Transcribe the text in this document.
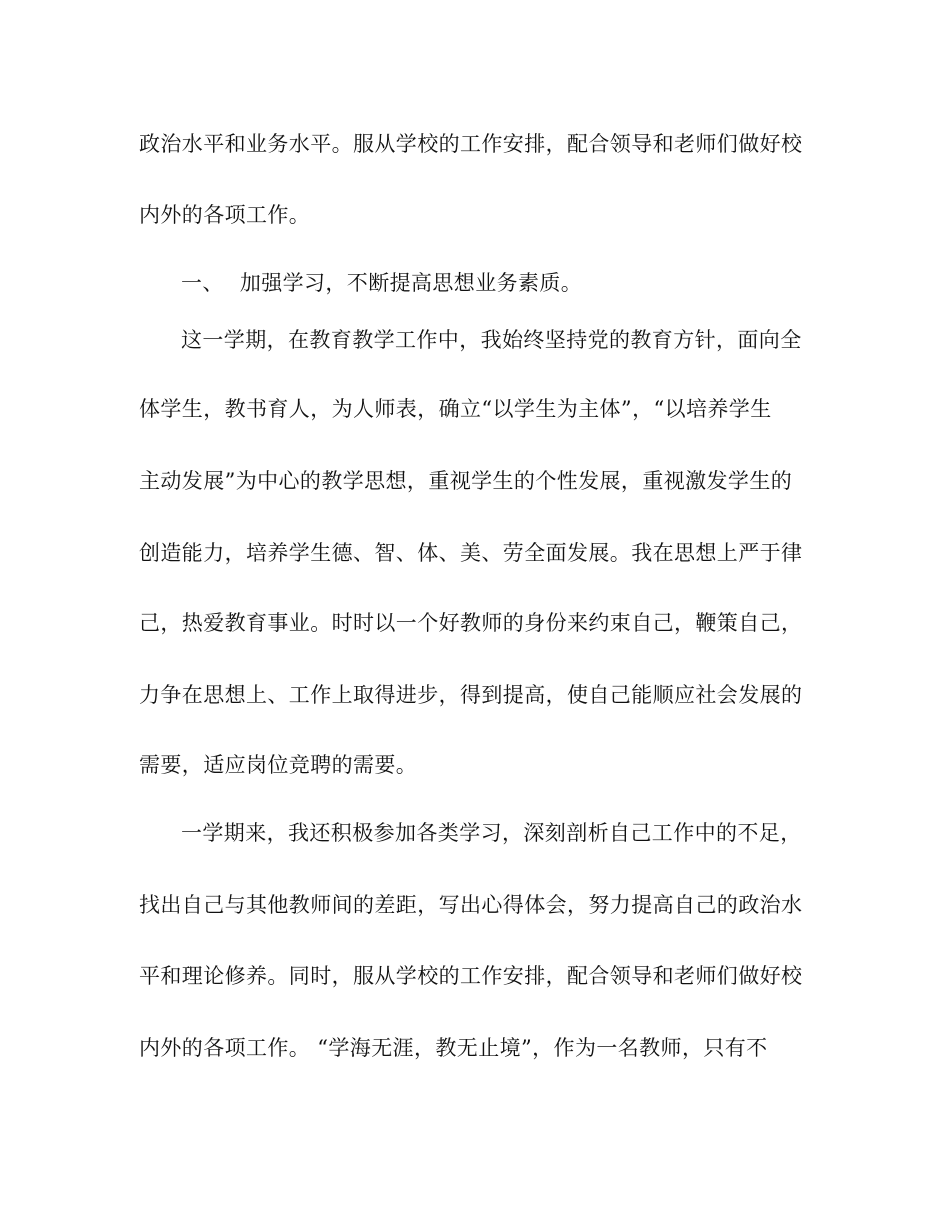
政治水平和业务水平。服从学校的工作安排，配合领导和老师们做好校
内外的各项工作。
一、 加强学习，不断提高思想业务素质。
这一学期，在教育教学工作中，我始终坚持党的教育方针，面向全
体学生，教书育人，为人师表，确立“以学生为主体”，“以培养学生
主动发展”为中心的教学思想，重视学生的个性发展，重视激发学生的
创造能力，培养学生德、智、体、美、劳全面发展。我在思想上严于律
己，热爱教育事业。时时以一个好教师的身份来约束自己，鞭策自己，
力争在思想上、工作上取得进步，得到提高，使自己能顺应社会发展的
需要，适应岗位竞聘的需要。
一学期来，我还积极参加各类学习，深刻剖析自己工作中的不足，
找出自己与其他教师间的差距，写出心得体会，努力提高自己的政治水
平和理论修养。同时，服从学校的工作安排，配合领导和老师们做好校
内外的各项工作。 “学海无涯，教无止境”，作为一名教师，只有不
